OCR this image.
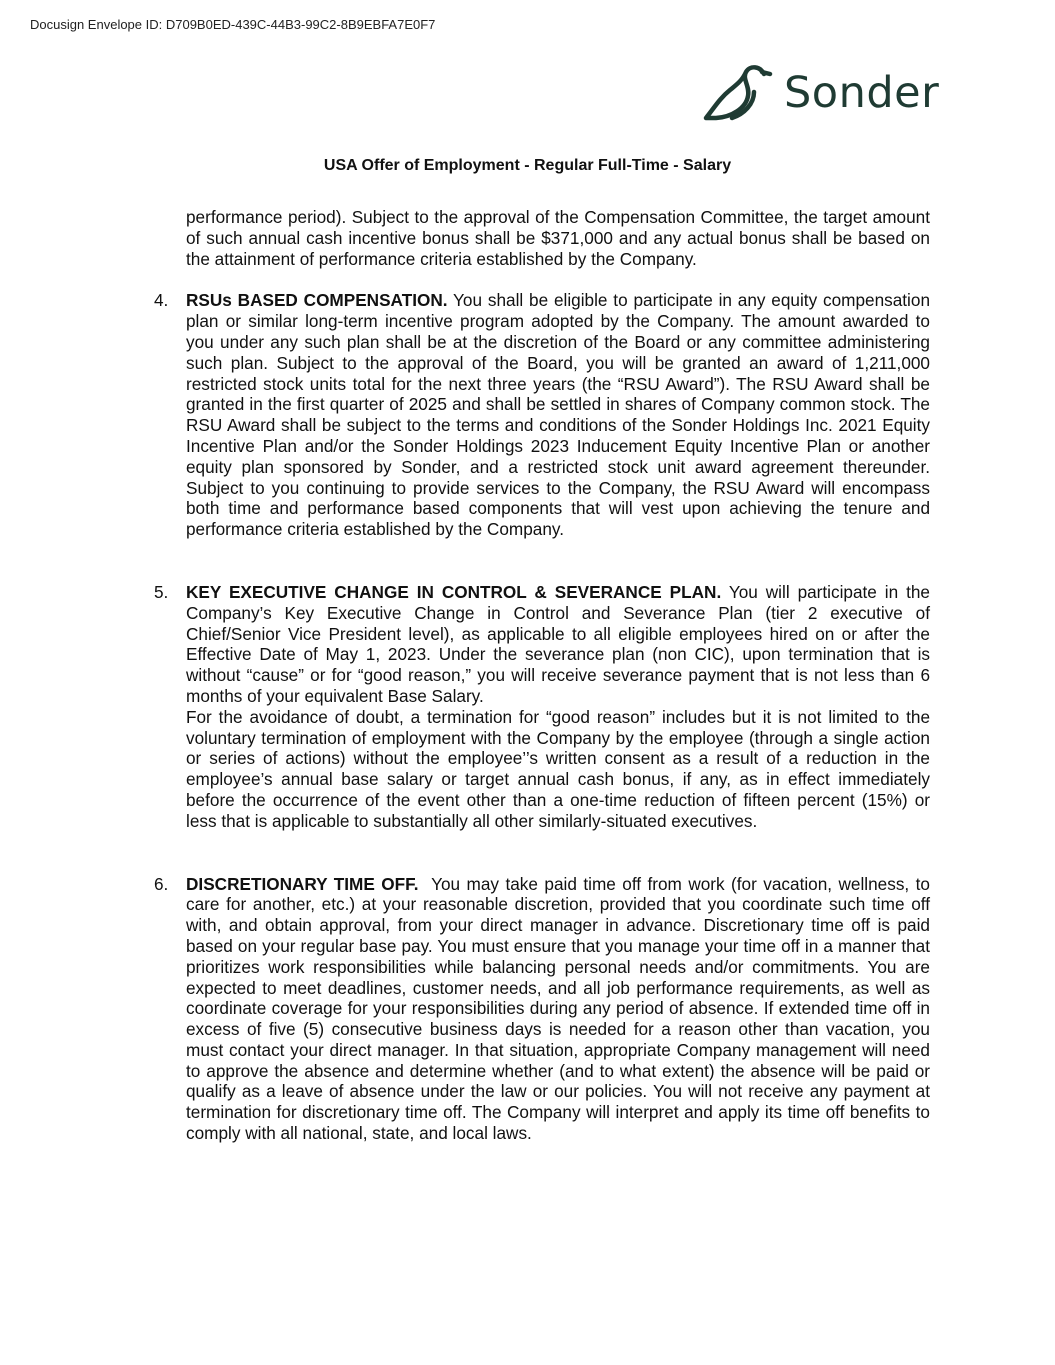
Docusign Envelope ID: D709B0ED-439C-44B3-99C2-8B9EBFA7E0F7
Sonder
USA Offer of Employment - Regular Full-Time - Salary

performance period). Subject to the approval of the Compensation Committee, the target amount of such annual cash incentive bonus shall be $371,000 and any actual bonus shall be based on the attainment of performance criteria established by the Company.

4. RSUs BASED COMPENSATION. You shall be eligible to participate in any equity compensation plan or similar long-term incentive program adopted by the Company. The amount awarded to you under any such plan shall be at the discretion of the Board or any committee administering such plan. Subject to the approval of the Board, you will be granted an award of 1,211,000 restricted stock units total for the next three years (the “RSU Award”). The RSU Award shall be granted in the first quarter of 2025 and shall be settled in shares of Company common stock. The RSU Award shall be subject to the terms and conditions of the Sonder Holdings Inc. 2021 Equity Incentive Plan and/or the Sonder Holdings 2023 Inducement Equity Incentive Plan or another equity plan sponsored by Sonder, and a restricted stock unit award agreement thereunder. Subject to you continuing to provide services to the Company, the RSU Award will encompass both time and performance based components that will vest upon achieving the tenure and performance criteria established by the Company.

5. KEY EXECUTIVE CHANGE IN CONTROL & SEVERANCE PLAN. You will participate in the Company’s Key Executive Change in Control and Severance Plan (tier 2 executive of Chief/Senior Vice President level), as applicable to all eligible employees hired on or after the Effective Date of May 1, 2023. Under the severance plan (non CIC), upon termination that is without “cause” or for “good reason,” you will receive severance payment that is not less than 6 months of your equivalent Base Salary.

For the avoidance of doubt, a termination for “good reason” includes but it is not limited to the voluntary termination of employment with the Company by the employee (through a single action or series of actions) without the employee’’s written consent as a result of a reduction in the employee’s annual base salary or target annual cash bonus, if any, as in effect immediately before the occurrence of the event other than a one-time reduction of fifteen percent (15%) or less that is applicable to substantially all other similarly-situated executives.

6. DISCRETIONARY TIME OFF. You may take paid time off from work (for vacation, wellness, to care for another, etc.) at your reasonable discretion, provided that you coordinate such time off with, and obtain approval, from your direct manager in advance. Discretionary time off is paid based on your regular base pay. You must ensure that you manage your time off in a manner that prioritizes work responsibilities while balancing personal needs and/or commitments. You are expected to meet deadlines, customer needs, and all job performance requirements, as well as coordinate coverage for your responsibilities during any period of absence. If extended time off in excess of five (5) consecutive business days is needed for a reason other than vacation, you must contact your direct manager. In that situation, appropriate Company management will need to approve the absence and determine whether (and to what extent) the absence will be paid or qualify as a leave of absence under the law or our policies. You will not receive any payment at termination for discretionary time off. The Company will interpret and apply its time off benefits to comply with all national, state, and local laws.
